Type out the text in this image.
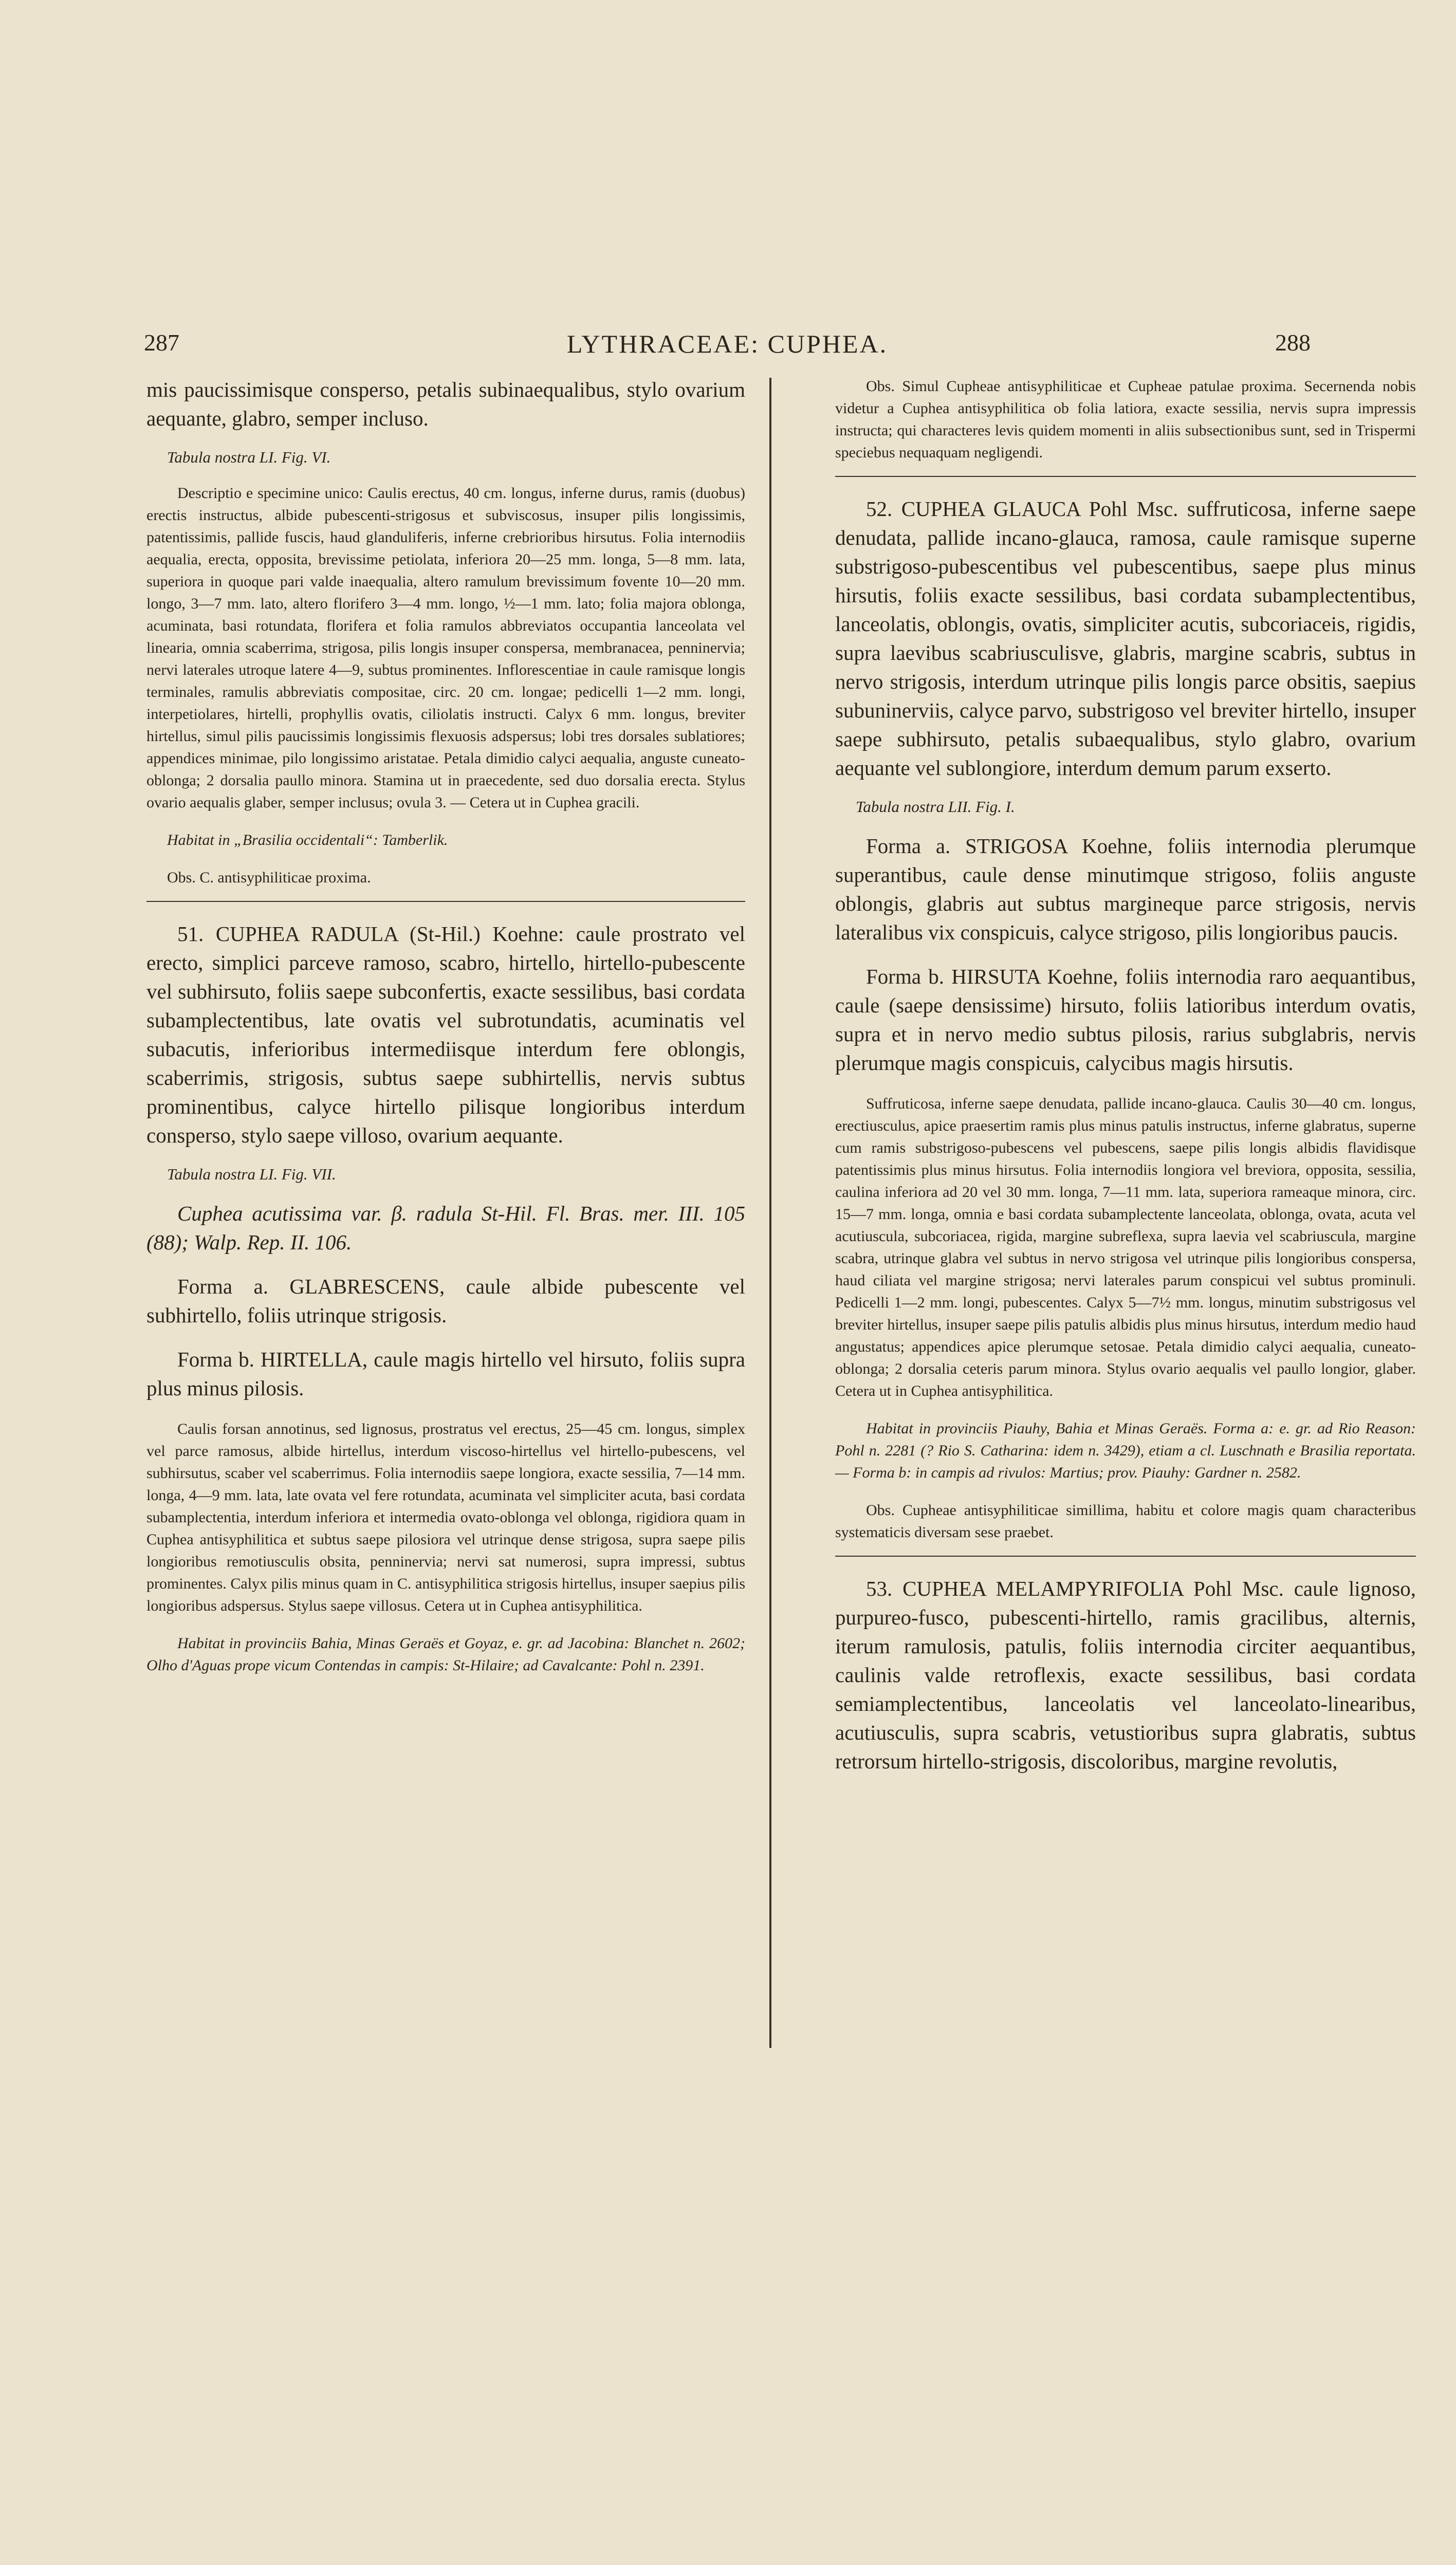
287	LYTHRACEAE: CUPHEA.	288

mis paucissimisque consperso, petalis subinaequalibus, stylo ovarium aequante, glabro, semper incluso.

Tabula nostra LI. Fig. VI.

Descriptio e specimine unico: Caulis erectus, 40 cm. longus, inferne durus, ramis (duobus) erectis instructus, albide pubescenti-strigosus et subviscosus, insuper pilis longissimis, patentissimis, pallide fuscis, haud glanduliferis, inferne crebrioribus hirsutus. Folia internodiis aequalia, erecta, opposita, brevissime petiolata, inferiora 20—25 mm. longa, 5—8 mm. lata, superiora in quoque pari valde inaequalia, altero ramulum brevissimum fovente 10—20 mm. longo, 3—7 mm. lato, altero florifero 3—4 mm. longo, ½—1 mm. lato; folia majora oblonga, acuminata, basi rotundata, florifera et folia ramulos abbreviatos occupantia lanceolata vel linearia, omnia scaberrima, strigosa, pilis longis insuper conspersa, membranacea, penninervia; nervi laterales utroque latere 4—9, subtus prominentes. Inflorescentiae in caule ramisque longis terminales, ramulis abbreviatis compositae, circ. 20 cm. longae; pedicelli 1—2 mm. longi, interpetiolares, hirtelli, prophyllis ovatis, ciliolatis instructi. Calyx 6 mm. longus, breviter hirtellus, simul pilis paucissimis longissimis flexuosis adspersus; lobi tres dorsales sublatiores; appendices minimae, pilo longissimo aristatae. Petala dimidio calyci aequalia, anguste cuneato-oblonga; 2 dorsalia paullo minora. Stamina ut in praecedente, sed duo dorsalia erecta. Stylus ovario aequalis glaber, semper inclusus; ovula 3. — Cetera ut in Cuphea gracili.

Habitat in „Brasilia occidentali“: Tamberlik.

Obs. C. antisyphiliticae proxima.

51. CUPHEA RADULA (St-Hil.) Koehne: caule prostrato vel erecto, simplici parceve ramoso, scabro, hirtello, hirtello-pubescente vel subhirsuto, foliis saepe subconfertis, exacte sessilibus, basi cordata subamplectentibus, late ovatis vel subrotundatis, acuminatis vel subacutis, inferioribus intermediisque interdum fere oblongis, scaberrimis, strigosis, subtus saepe subhirtellis, nervis subtus prominentibus, calyce hirtello pilisque longioribus interdum consperso, stylo saepe villoso, ovarium aequante.

Tabula nostra LI. Fig. VII.

Cuphea acutissima var. β. radula St-Hil. Fl. Bras. mer. III. 105 (88); Walp. Rep. II. 106.

Forma a. GLABRESCENS, caule albide pubescente vel subhirtello, foliis utrinque strigosis.

Forma b. HIRTELLA, caule magis hirtello vel hirsuto, foliis supra plus minus pilosis.

Caulis forsan annotinus, sed lignosus, prostratus vel erectus, 25—45 cm. longus, simplex vel parce ramosus, albide hirtellus, interdum viscoso-hirtellus vel hirtello-pubescens, vel subhirsutus, scaber vel scaberrimus. Folia internodiis saepe longiora, exacte sessilia, 7—14 mm. longa, 4—9 mm. lata, late ovata vel fere rotundata, acuminata vel simpliciter acuta, basi cordata subamplectentia, interdum inferiora et intermedia ovato-oblonga vel oblonga, rigidiora quam in Cuphea antisyphilitica et subtus saepe pilosiora vel utrinque dense strigosa, supra saepe pilis longioribus remotiusculis obsita, penninervia; nervi sat numerosi, supra impressi, subtus prominentes. Calyx pilis minus quam in C. antisyphilitica strigosis hirtellus, insuper saepius pilis longioribus adspersus. Stylus saepe villosus. Cetera ut in Cuphea antisyphilitica.

Habitat in provinciis Bahia, Minas Geraës et Goyaz, e. gr. ad Jacobina: Blanchet n. 2602; Olho d'Aguas prope vicum Contendas in campis: St-Hilaire; ad Cavalcante: Pohl n. 2391.

Obs. Simul Cupheae antisyphiliticae et Cupheae patulae proxima. Secernenda nobis videtur a Cuphea antisyphilitica ob folia latiora, exacte sessilia, nervis supra impressis instructa; qui characteres levis quidem momenti in aliis subsectionibus sunt, sed in Trispermi speciebus nequaquam negligendi.

52. CUPHEA GLAUCA Pohl Msc. suffruticosa, inferne saepe denudata, pallide incano-glauca, ramosa, caule ramisque superne substrigoso-pubescentibus vel pubescentibus, saepe plus minus hirsutis, foliis exacte sessilibus, basi cordata subamplectentibus, lanceolatis, oblongis, ovatis, simpliciter acutis, subcoriaceis, rigidis, supra laevibus scabriusculisve, glabris, margine scabris, subtus in nervo strigosis, interdum utrinque pilis longis parce obsitis, saepius subuninerviis, calyce parvo, substrigoso vel breviter hirtello, insuper saepe subhirsuto, petalis subaequalibus, stylo glabro, ovarium aequante vel sublongiore, interdum demum parum exserto.

Tabula nostra LII. Fig. I.

Forma a. STRIGOSA Koehne, foliis internodia plerumque superantibus, caule dense minutimque strigoso, foliis anguste oblongis, glabris aut subtus margineque parce strigosis, nervis lateralibus vix conspicuis, calyce strigoso, pilis longioribus paucis.

Forma b. HIRSUTA Koehne, foliis internodia raro aequantibus, caule (saepe densissime) hirsuto, foliis latioribus interdum ovatis, supra et in nervo medio subtus pilosis, rarius subglabris, nervis plerumque magis conspicuis, calycibus magis hirsutis.

Suffruticosa, inferne saepe denudata, pallide incano-glauca. Caulis 30—40 cm. longus, erectiusculus, apice praesertim ramis plus minus patulis instructus, inferne glabratus, superne cum ramis substrigoso-pubescens vel pubescens, saepe pilis longis albidis flavidisque patentissimis plus minus hirsutus. Folia internodiis longiora vel breviora, opposita, sessilia, caulina inferiora ad 20 vel 30 mm. longa, 7—11 mm. lata, superiora rameaque minora, circ. 15—7 mm. longa, omnia e basi cordata subamplectente lanceolata, oblonga, ovata, acuta vel acutiuscula, subcoriacea, rigida, margine subreflexa, supra laevia vel scabriuscula, margine scabra, utrinque glabra vel subtus in nervo strigosa vel utrinque pilis longioribus conspersa, haud ciliata vel margine strigosa; nervi laterales parum conspicui vel subtus prominuli. Pedicelli 1—2 mm. longi, pubescentes. Calyx 5—7½ mm. longus, minutim substrigosus vel breviter hirtellus, insuper saepe pilis patulis albidis plus minus hirsutus, interdum medio haud angustatus; appendices apice plerumque setosae. Petala dimidio calyci aequalia, cuneato-oblonga; 2 dorsalia ceteris parum minora. Stylus ovario aequalis vel paullo longior, glaber. Cetera ut in Cuphea antisyphilitica.

Habitat in provinciis Piauhy, Bahia et Minas Geraës. Forma a: e. gr. ad Rio Reason: Pohl n. 2281 (? Rio S. Catharina: idem n. 3429), etiam a cl. Luschnath e Brasilia reportata. — Forma b: in campis ad rivulos: Martius; prov. Piauhy: Gardner n. 2582.

Obs. Cupheae antisyphiliticae simillima, habitu et colore magis quam characteribus systematicis diversam sese praebet.

53. CUPHEA MELAMPYRIFOLIA Pohl Msc. caule lignoso, purpureo-fusco, pubescenti-hirtello, ramis gracilibus, alternis, iterum ramulosis, patulis, foliis internodia circiter aequantibus, caulinis valde retroflexis, exacte sessilibus, basi cordata semiamplectentibus, lanceolatis vel lanceolato-linearibus, acutiusculis, supra scabris, vetustioribus supra glabratis, subtus retrorsum hirtello-strigosis, discoloribus, margine revolutis,
